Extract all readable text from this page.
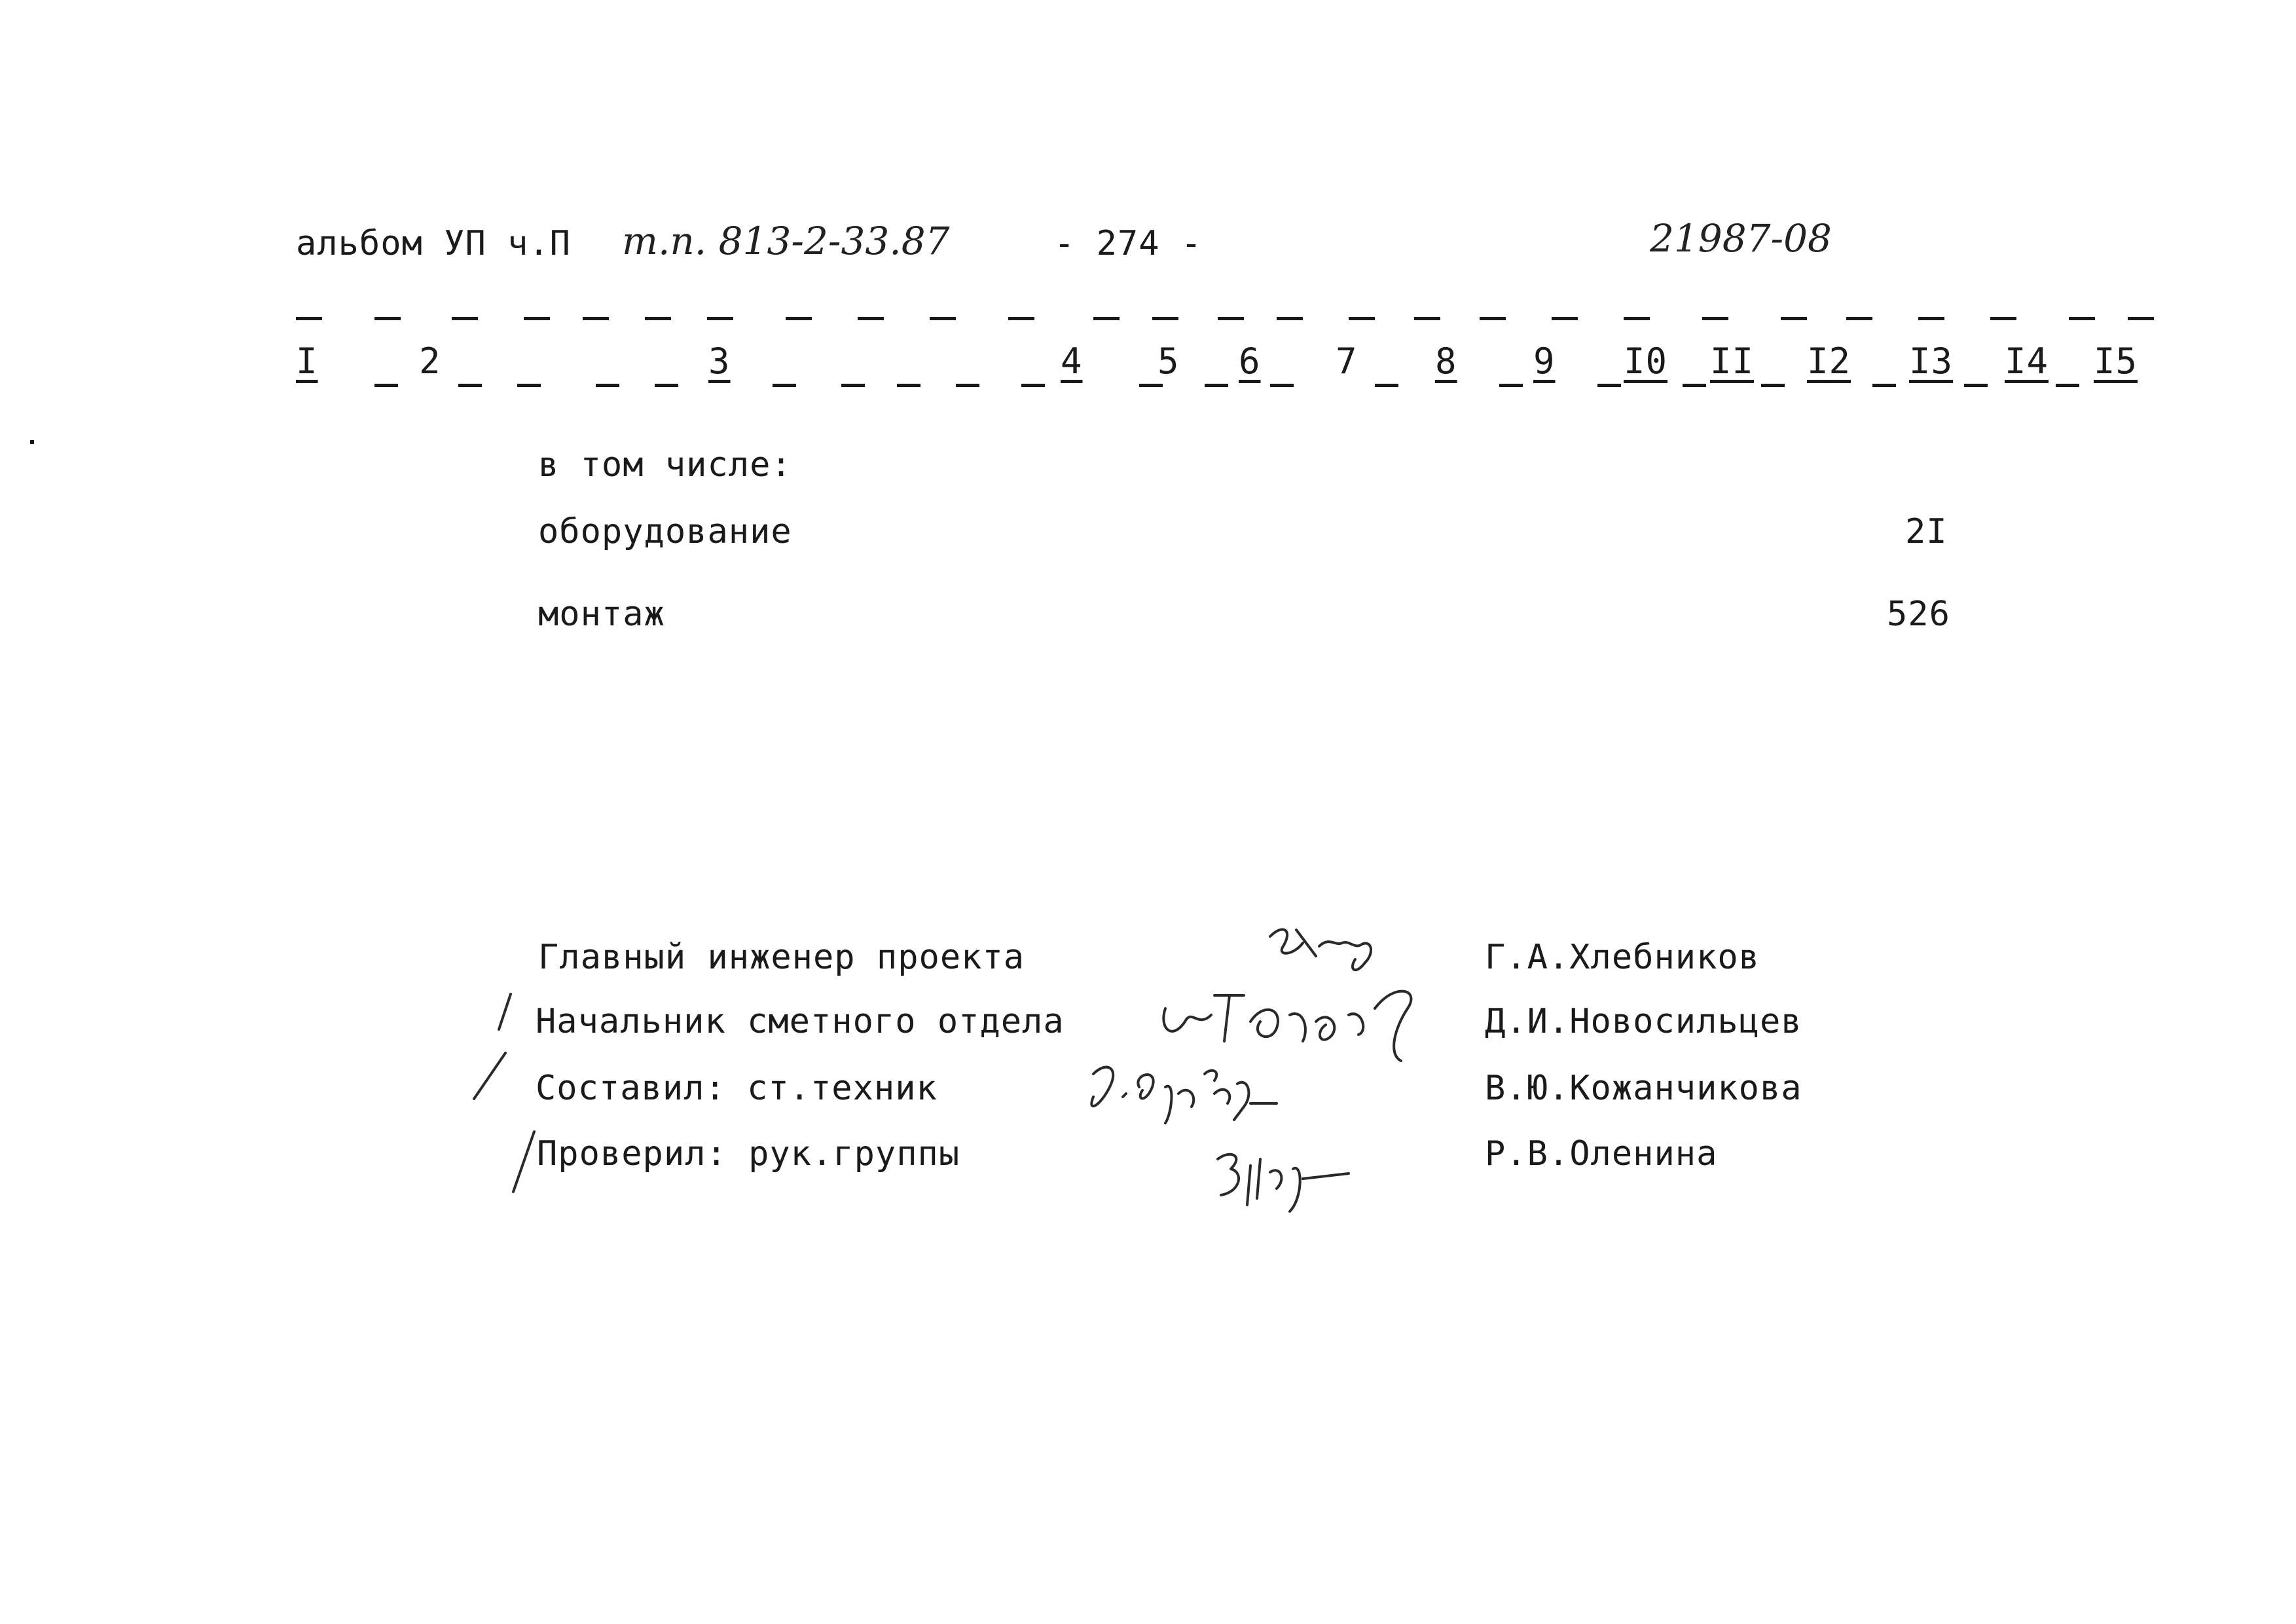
альбом УП ч.П т.п. 813-2-33.87	- 274 -	21987-08
I	2	3	4 5 6 7 8 9 I0 II I2 I3 I4 I5
в том числе:
оборудование	2I
монтаж	526
Главный инженер проекта	Г.А.Хлебников
Начальник сметного отдела	Д.И.Новосильцев
Составил: ст.техник	В.Ю.Кожанчикова
Проверил: рук.группы	Р.В.Оленина
